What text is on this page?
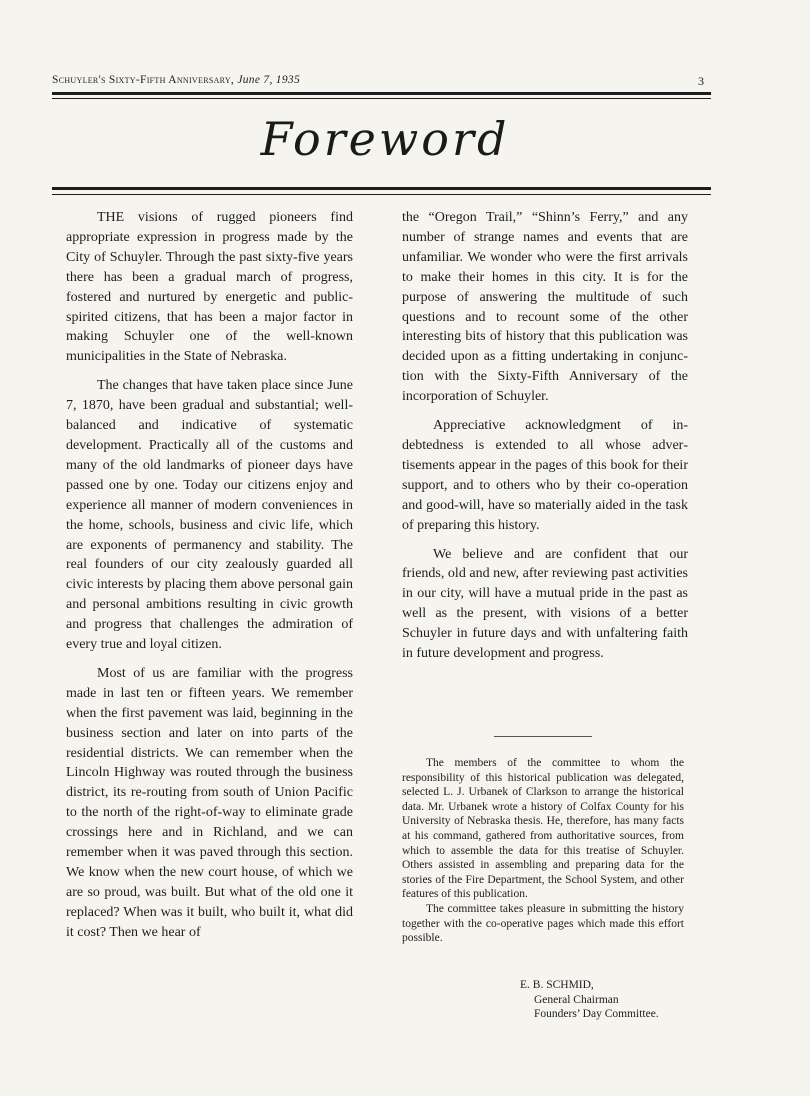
Schuyler's Sixty-Fifth Anniversary, June 7, 1935	3
Foreword

THE visions of rugged pioneers find appropriate expression in progress made by the City of Schuyler. Through the past sixty-five years there has been a gradual march of progress, fostered and nurtured by energetic and public-spirited citizens, that has been a major factor in making Schuyler one of the well-known municipalities in the State of Nebraska.

The changes that have taken place since June 7, 1870, have been gradual and substantial; well-balanced and indicative of systematic development. Practically all of the customs and many of the old landmarks of pioneer days have passed one by one. Today our citizens enjoy and experience all manner of modern conveniences in the home, schools, business and civic life, which are exponents of permanency and stability. The real founders of our city zealously guarded all civic interests by placing them above personal gain and personal ambitions resulting in civic growth and progress that challenges the admiration of every true and loyal citizen.

Most of us are familiar with the progress made in last ten or fifteen years. We remember when the first pavement was laid, beginning in the business section and later on into parts of the residential districts. We can remember when the Lincoln Highway was routed through the business district, its re-routing from south of Union Pacific to the north of the right-of-way to eliminate grade crossings here and in Richland, and we can remember when it was paved through this section. We know when the new court house, of which we are so proud, was built. But what of the old one it replaced? When was it built, who built it, what did it cost? Then we hear of

the “Oregon Trail,” “Shinn’s Ferry,” and any number of strange names and events that are unfamiliar. We wonder who were the first arrivals to make their homes in this city. It is for the purpose of answering the multitude of such questions and to recount some of the other interesting bits of history that this publication was decided upon as a fitting undertaking in conjunction with the Sixty-Fifth Anniversary of the incorporation of Schuyler.

Appreciative acknowledgment of indebtedness is extended to all whose advertisements appear in the pages of this book for their support, and to others who by their co-operation and good-will, have so materially aided in the task of preparing this history.

We believe and are confident that our friends, old and new, after reviewing past activities in our city, will have a mutual pride in the past as well as the present, with visions of a better Schuyler in future days and with unfaltering faith in future development and progress.

The members of the committee to whom the responsibility of this historical publication was delegated, selected L. J. Urbanek of Clarkson to arrange the historical data. Mr. Urbanek wrote a history of Colfax County for his University of Nebraska thesis. He, therefore, has many facts at his command, gathered from authoritative sources, from which to assemble the data for this treatise of Schuyler. Others assisted in assembling and preparing data for the stories of the Fire Department, the School System, and other features of this publication.

The committee takes pleasure in submitting the history together with the co-operative pages which made this effort possible.

E. B. SCHMID,
General Chairman
Founders’ Day Committee.
